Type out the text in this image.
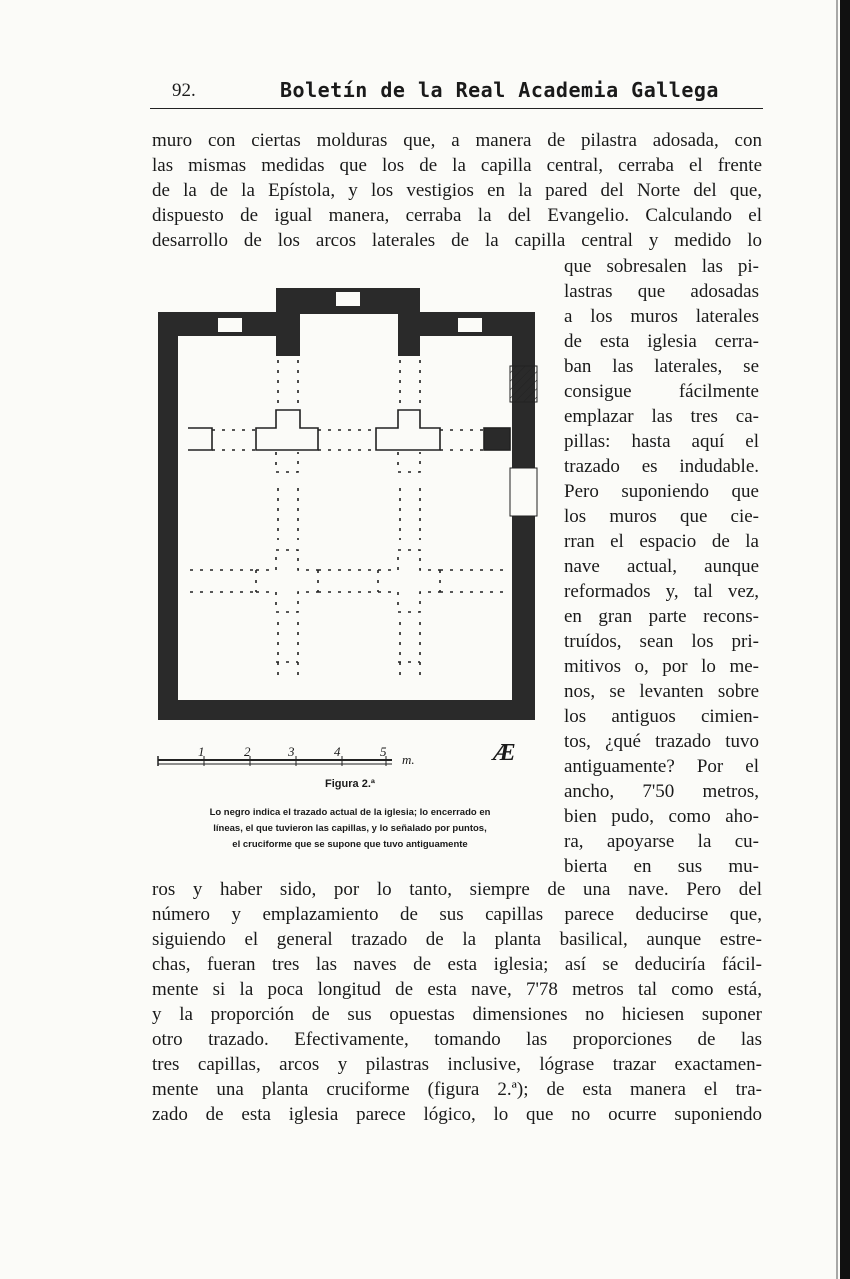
92.	Boletín de la Real Academia Gallega
muro con ciertas molduras que, a manera de pilastra adosada, con
las mismas medidas que los de la capilla central, cerraba el frente
de la de la Epístola, y los vestigios en la pared del Norte del que,
dispuesto de igual manera, cerraba la del Evangelio. Calculando el
desarrollo de los arcos laterales de la capilla central y medido lo
que sobresalen las pi-
lastras que adosadas
a los muros laterales
de esta iglesia cerra-
ban las laterales, se
consigue fácilmente
emplazar las tres ca-
pillas: hasta aquí el
trazado es indudable.
Pero suponiendo que
los muros que cie-
rran el espacio de la
nave actual, aunque
reformados y, tal vez,
en gran parte recons-
truídos, sean los pri-
mitivos o, por lo me-
nos, se levanten sobre
los antiguos cimien-
tos, ¿qué trazado tuvo
antiguamente? Por el
ancho, 7'50 metros,
bien pudo, como aho-
ra, apoyarse la cu-
bierta en sus mu-
ros y haber sido, por lo tanto, siempre de una nave. Pero del
número y emplazamiento de sus capillas parece deducirse que,
siguiendo el general trazado de la planta basilical, aunque estre-
chas, fueran tres las naves de esta iglesia; así se deduciría fácil-
mente si la poca longitud de esta nave, 7'78 metros tal como está,
y la proporción de sus opuestas dimensiones no hiciesen suponer
otro trazado. Efectivamente, tomando las proporciones de las
tres capillas, arcos y pilastras inclusive, lógrase trazar exactamen-
mente una planta cruciforme (figura 2.ª); de esta manera el tra-
zado de esta iglesia parece lógico, lo que no ocurre suponiendo
1	2	3	4	5
m.	Æ
Figura 2.ª
Lo negro indica el trazado actual de la iglesia; lo encerrado en
líneas, el que tuvieron las capillas, y lo señalado por puntos,
el cruciforme que se supone que tuvo antiguamente
